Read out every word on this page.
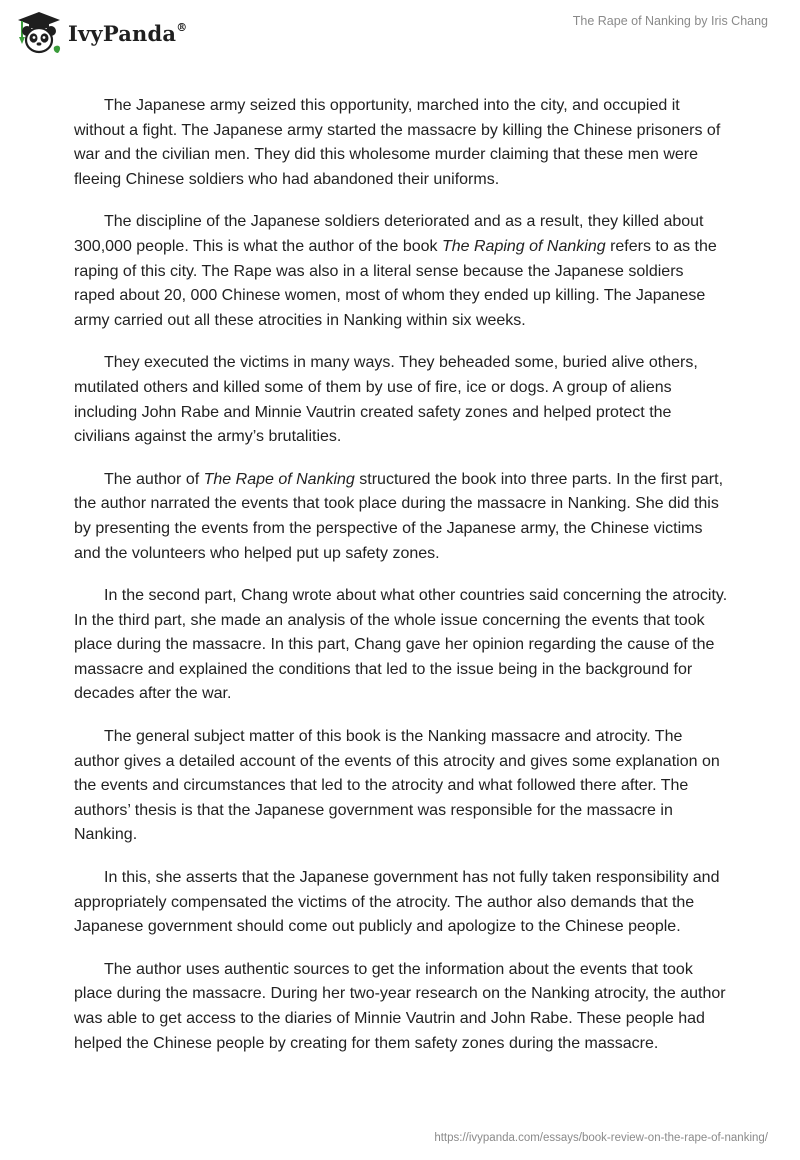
IvyPanda®	The Rape of Nanking by Iris Chang

The Japanese army seized this opportunity, marched into the city, and occupied it without a fight. The Japanese army started the massacre by killing the Chinese prisoners of war and the civilian men. They did this wholesome murder claiming that these men were fleeing Chinese soldiers who had abandoned their uniforms.

The discipline of the Japanese soldiers deteriorated and as a result, they killed about 300,000 people. This is what the author of the book The Raping of Nanking refers to as the raping of this city. The Rape was also in a literal sense because the Japanese soldiers raped about 20, 000 Chinese women, most of whom they ended up killing. The Japanese army carried out all these atrocities in Nanking within six weeks.

They executed the victims in many ways. They beheaded some, buried alive others, mutilated others and killed some of them by use of fire, ice or dogs. A group of aliens including John Rabe and Minnie Vautrin created safety zones and helped protect the civilians against the army’s brutalities.

The author of The Rape of Nanking structured the book into three parts. In the first part, the author narrated the events that took place during the massacre in Nanking. She did this by presenting the events from the perspective of the Japanese army, the Chinese victims and the volunteers who helped put up safety zones.

In the second part, Chang wrote about what other countries said concerning the atrocity. In the third part, she made an analysis of the whole issue concerning the events that took place during the massacre. In this part, Chang gave her opinion regarding the cause of the massacre and explained the conditions that led to the issue being in the background for decades after the war.

The general subject matter of this book is the Nanking massacre and atrocity. The author gives a detailed account of the events of this atrocity and gives some explanation on the events and circumstances that led to the atrocity and what followed there after. The authors’ thesis is that the Japanese government was responsible for the massacre in Nanking.

In this, she asserts that the Japanese government has not fully taken responsibility and appropriately compensated the victims of the atrocity. The author also demands that the Japanese government should come out publicly and apologize to the Chinese people.

The author uses authentic sources to get the information about the events that took place during the massacre. During her two-year research on the Nanking atrocity, the author was able to get access to the diaries of Minnie Vautrin and John Rabe. These people had helped the Chinese people by creating for them safety zones during the massacre.

https://ivypanda.com/essays/book-review-on-the-rape-of-nanking/
